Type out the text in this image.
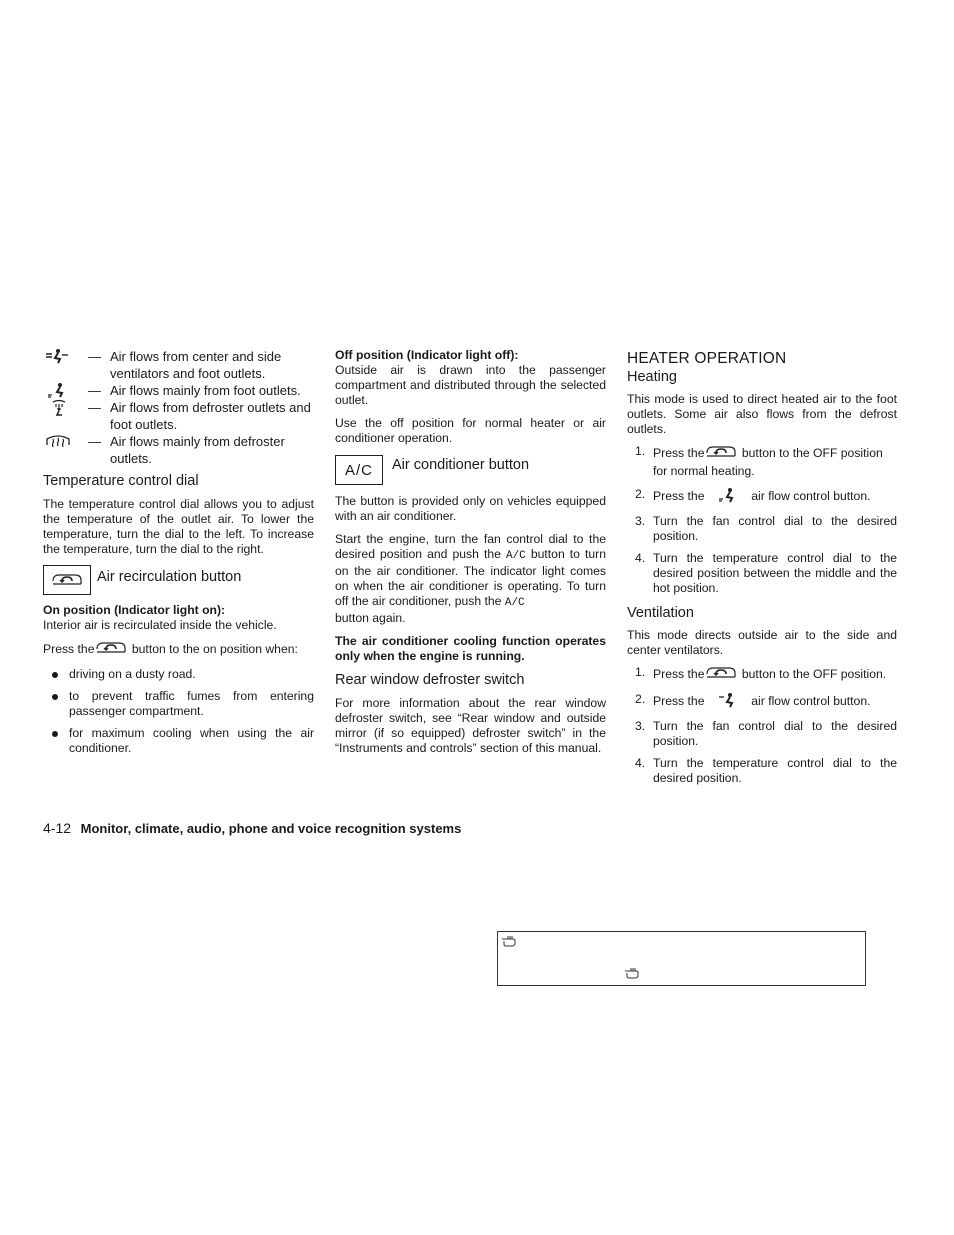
— Air flows from center and side ventilators and foot outlets.
— Air flows mainly from foot outlets.
— Air flows from defroster outlets and foot outlets.
— Air flows mainly from defroster outlets.
Temperature control dial

The temperature control dial allows you to adjust the temperature of the outlet air. To lower the temperature, turn the dial to the left. To increase the temperature, turn the dial to the right.

Air recirculation button

On position (Indicator light on):

Interior air is recirculated inside the vehicle.

Press the	button to the on position when:

driving on a dusty road.
to prevent traffic fumes from entering passenger compartment.
for maximum cooling when using the air conditioner.

Off position (Indicator light off):

Outside air is drawn into the passenger compartment and distributed through the selected outlet.

Use the off position for normal heater or air conditioner operation.

A/C	Air conditioner button

The button is provided only on vehicles equipped with an air conditioner.

Start the engine, turn the fan control dial to the desired position and push the A/C button to turn on the air conditioner. The indicator light comes on when the air conditioner is operating. To turn off the air conditioner, push the A/C
button again.

The air conditioner cooling function operates only when the engine is running.

Rear window defroster switch

For more information about the rear window defroster switch, see “Rear window and outside mirror (if so equipped) defroster switch” in the “Instruments and controls” section of this manual.

HEATER OPERATION
Heating

This mode is used to direct heated air to the foot outlets. Some air also flows from the defrost outlets.

1. Press the	button to the OFF position for normal heating.
2. Press the	air flow control button.
3. Turn the fan control dial to the desired position.
4. Turn the temperature control dial to the desired position between the middle and the hot position.
Ventilation

This mode directs outside air to the side and center ventilators.

1. Press the	button to the OFF position.
2. Press the	air flow control button.
3. Turn the fan control dial to the desired position.
4. Turn the temperature control dial to the desired position.
4-12 Monitor, climate, audio, phone and voice recognition systems
